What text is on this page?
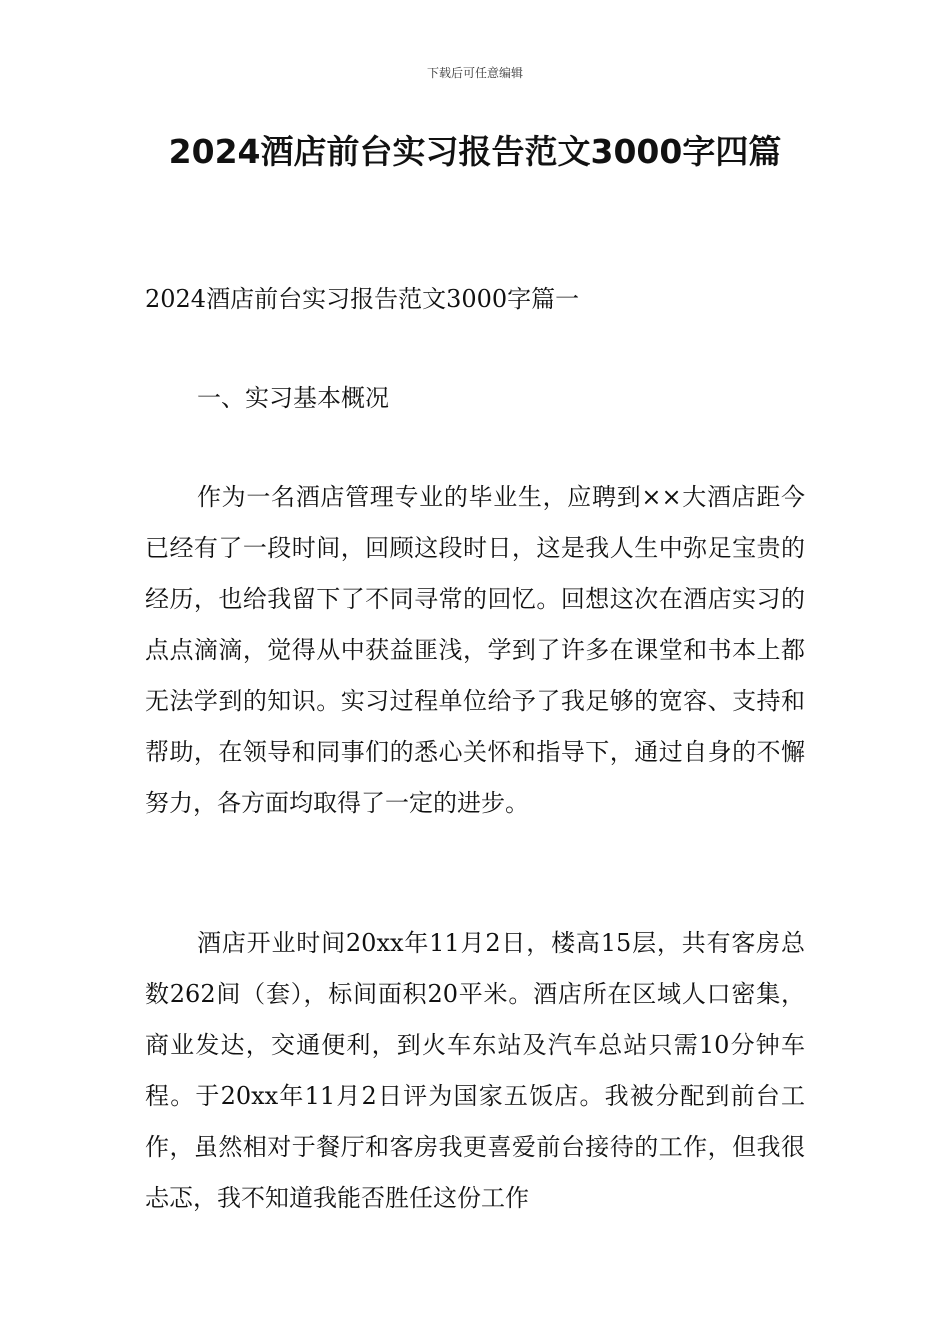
下载后可任意编辑
2024酒店前台实习报告范文3000字四篇

2024酒店前台实习报告范文3000字篇一

一、实习基本概况

作为一名酒店管理专业的毕业生，应聘到××大酒店距今已经有了一段时间，回顾这段时日，这是我人生中弥足宝贵的经历，也给我留下了不同寻常的回忆。回想这次在酒店实习的点点滴滴，觉得从中获益匪浅，学到了许多在课堂和书本上都无法学到的知识。实习过程单位给予了我足够的宽容、支持和帮助，在领导和同事们的悉心关怀和指导下，通过自身的不懈努力，各方面均取得了一定的进步。

酒店开业时间20xx年11月2日，楼高15层，共有客房总数262间（套），标间面积20平米。酒店所在区域人口密集，商业发达，交通便利，到火车东站及汽车总站只需10分钟车程。于20xx年11月2日评为国家五饭店。我被分配到前台工作，虽然相对于餐厅和客房我更喜爱前台接待的工作，但我很忐忑，我不知道我能否胜任这份工作
